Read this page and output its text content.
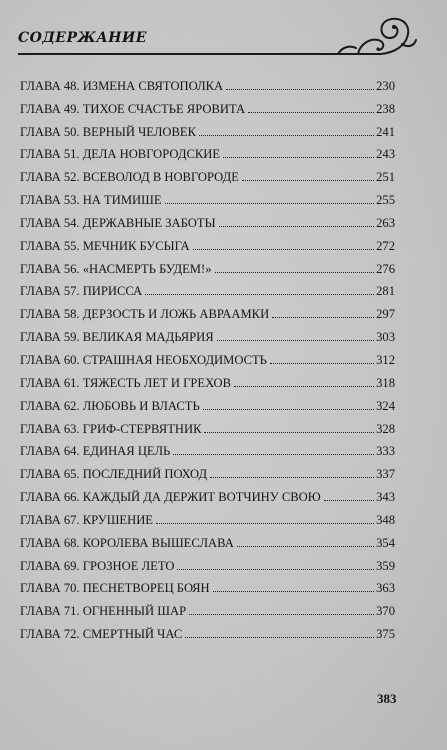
СОДЕРЖАНИЕ
ГЛАВА 48. ИЗМЕНА СВЯТОПОЛКА	230
ГЛАВА 49. ТИХОЕ СЧАСТЬЕ ЯРОВИТА	238
ГЛАВА 50. ВЕРНЫЙ ЧЕЛОВЕК	241
ГЛАВА 51. ДЕЛА НОВГОРОДСКИЕ	243
ГЛАВА 52. ВСЕВОЛОД В НОВГОРОДЕ	251
ГЛАВА 53. НА ТИМИШЕ	255
ГЛАВА 54. ДЕРЖАВНЫЕ ЗАБОТЫ	263
ГЛАВА 55. МЕЧНИК БУСЫГА	272
ГЛАВА 56. «НАСМЕРТЬ БУДЕМ!»	276
ГЛАВА 57. ПИРИССА	281
ГЛАВА 58. ДЕРЗОСТЬ И ЛОЖЬ АВРААМКИ	297
ГЛАВА 59. ВЕЛИКАЯ МАДЬЯРИЯ	303
ГЛАВА 60. СТРАШНАЯ НЕОБХОДИМОСТЬ	312
ГЛАВА 61. ТЯЖЕСТЬ ЛЕТ И ГРЕХОВ	318
ГЛАВА 62. ЛЮБОВЬ И ВЛАСТЬ	324
ГЛАВА 63. ГРИФ-СТЕРВЯТНИК	328
ГЛАВА 64. ЕДИНАЯ ЦЕЛЬ	333
ГЛАВА 65. ПОСЛЕДНИЙ ПОХОД	337
ГЛАВА 66. КАЖДЫЙ ДА ДЕРЖИТ ВОТЧИНУ СВОЮ	343
ГЛАВА 67. КРУШЕНИЕ	348
ГЛАВА 68. КОРОЛЕВА ВЫШЕСЛАВА	354
ГЛАВА 69. ГРОЗНОЕ ЛЕТО	359
ГЛАВА 70. ПЕСНЕТВОРЕЦ БОЯН	363
ГЛАВА 71. ОГНЕННЫЙ ШАР	370
ГЛАВА 72. СМЕРТНЫЙ ЧАС	375
383
